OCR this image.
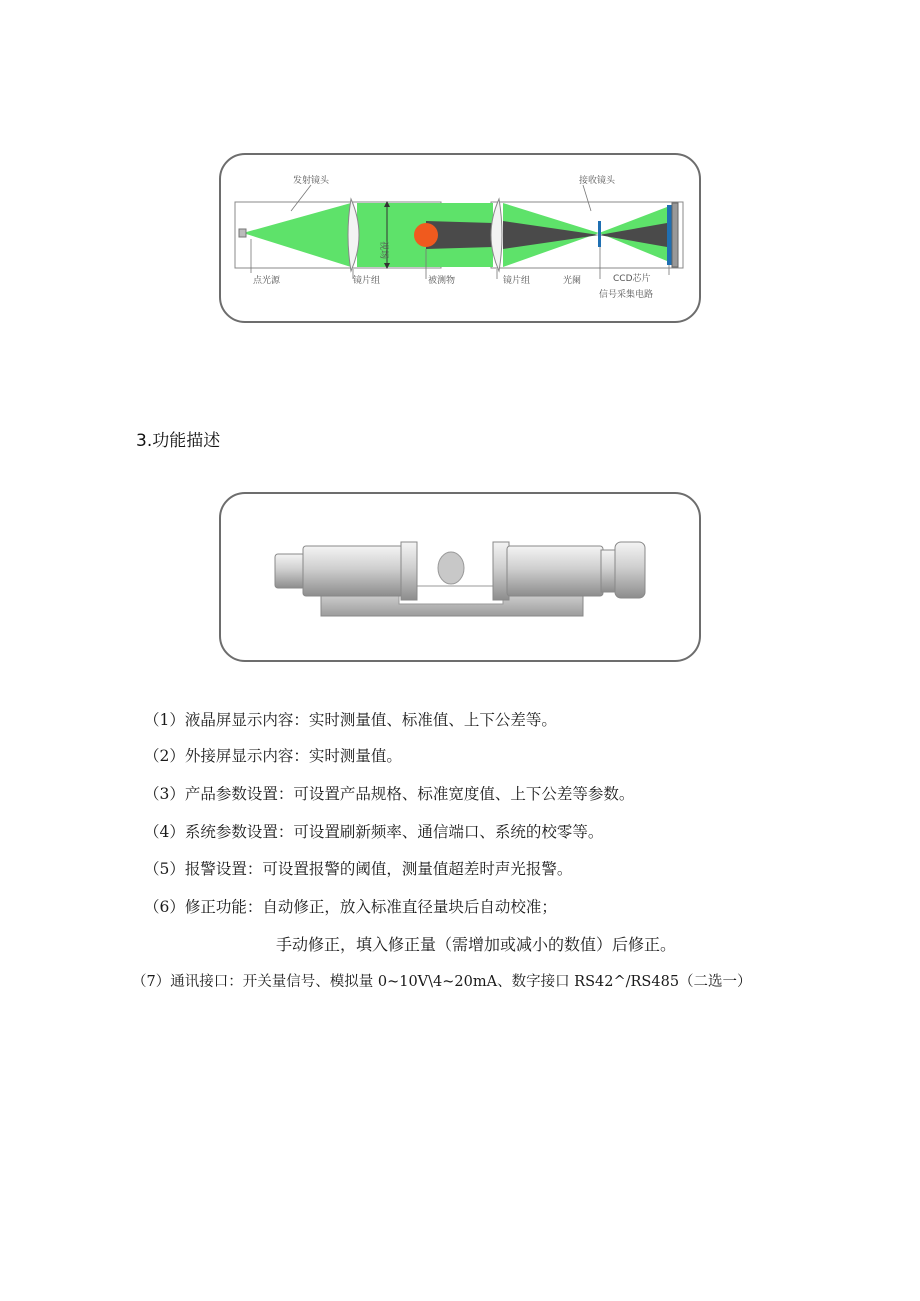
发射镜头	接收镜头
视场
点光源	镜片组	被测物	镜片组	光阑	CCD芯片
信号采集电路
3.功能描述
（1）液晶屏显示内容：实时测量值、标准值、上下公差等。
（2）外接屏显示内容：实时测量值。
（3）产品参数设置：可设置产品规格、标准宽度值、上下公差等参数。
（4）系统参数设置：可设置刷新频率、通信端口、系统的校零等。
（5）报警设置：可设置报警的阈值，测量值超差时声光报警。
（6）修正功能：自动修正，放入标准直径量块后自动校准；
手动修正，填入修正量（需增加或减小的数值）后修正。
（7）通讯接口：开关量信号、模拟量 0~10V\4~20mA、数字接口 RS42^/RS485（二选一）
